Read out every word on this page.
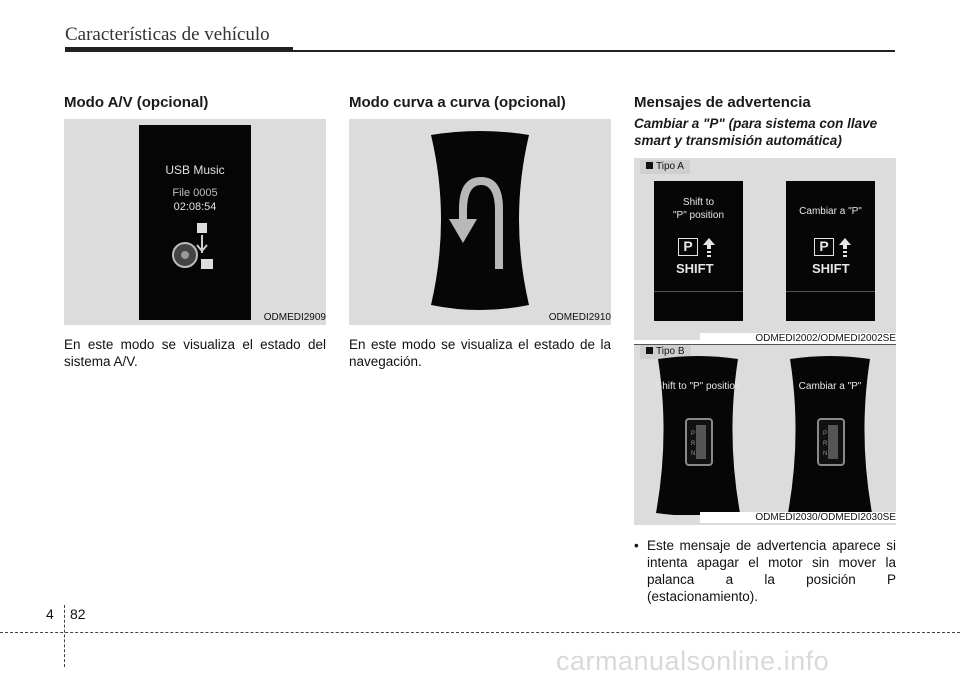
Características de vehículo
Modo A/V (opcional)
USB Music
File 0005
02:08:54
ODMEDI2909
En este modo se visualiza el estado del sistema A/V.
Modo curva a curva (opcional)
ODMEDI2910
En este modo se visualiza el estado de la navegación.
Mensajes de advertencia
Cambiar a "P" (para sistema con llave smart y transmisión automática)
Tipo A
Shift to
"P" position
P
SHIFT
Cambiar a "P"
P
SHIFT
ODMEDI2002/ODMEDI2002SE
Tipo B
P
R
N
Shift to "P" position
P
R
N
Cambiar a "P"
ODMEDI2030/ODMEDI2030SE
• Este mensaje de advertencia aparece si intenta apagar el motor sin mover la palanca a la posición P (estacionamiento).
4 82
carmanualsonline.info
